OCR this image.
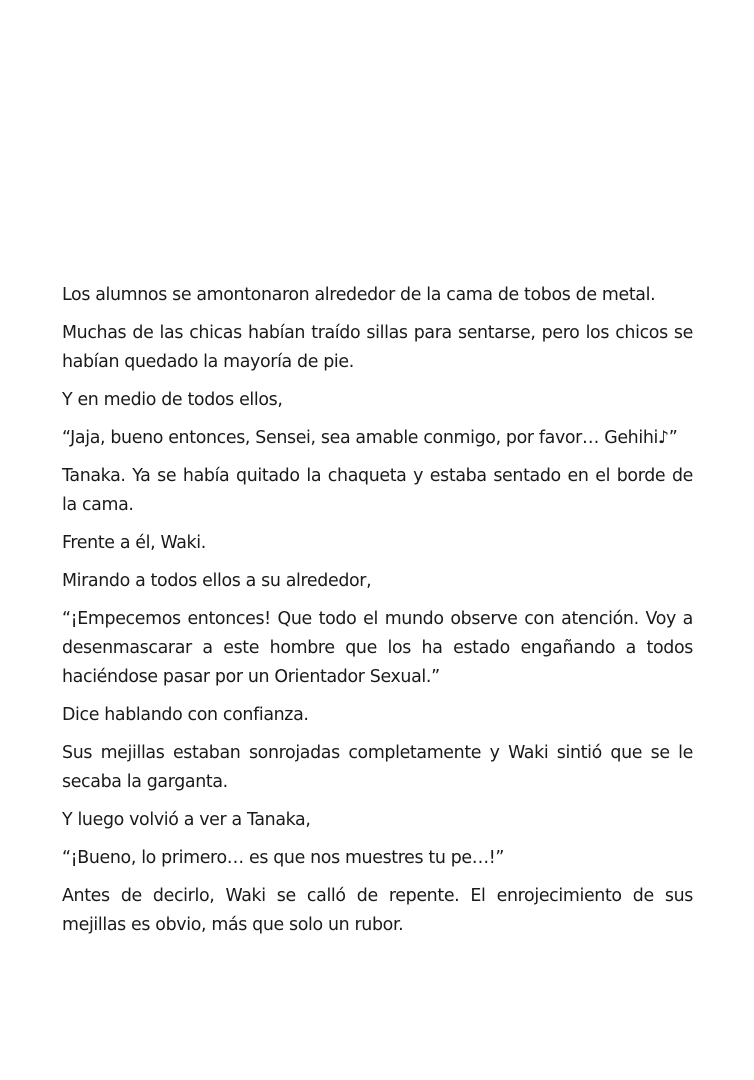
Los alumnos se amontonaron alrededor de la cama de tobos de metal.

Muchas de las chicas habían traído sillas para sentarse, pero los chicos se habían quedado la mayoría de pie.

Y en medio de todos ellos,

“Jaja, bueno entonces, Sensei, sea amable conmigo, por favor… Gehihi♪”

Tanaka. Ya se había quitado la chaqueta y estaba sentado en el borde de la cama.

Frente a él, Waki.

Mirando a todos ellos a su alrededor,

“¡Empecemos entonces! Que todo el mundo observe con atención. Voy a desenmascarar a este hombre que los ha estado engañando a todos haciéndose pasar por un Orientador Sexual.”

Dice hablando con confianza.

Sus mejillas estaban sonrojadas completamente y Waki sintió que se le secaba la garganta.

Y luego volvió a ver a Tanaka,

“¡Bueno, lo primero… es que nos muestres tu pe…!”

Antes de decirlo, Waki se calló de repente. El enrojecimiento de sus mejillas es obvio, más que solo un rubor.
